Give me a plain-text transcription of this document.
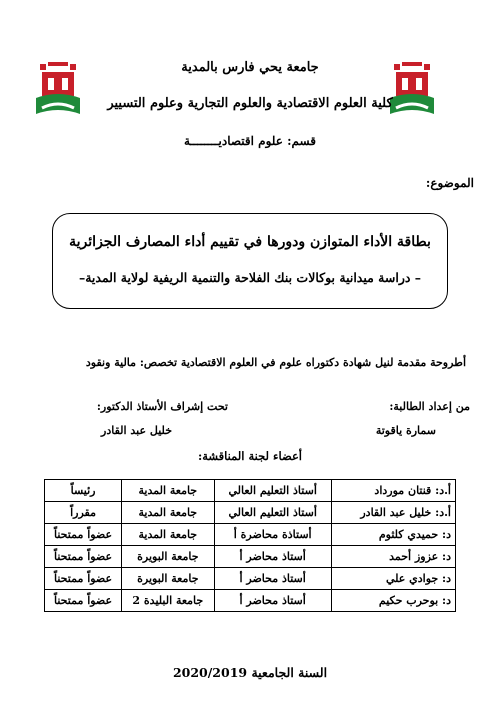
جامعة يحي فارس بالمدية
كلية العلوم الاقتصادية والعلوم التجارية وعلوم التسيير
قسم: علوم اقتصاديــــــــة
الموضوع:
بطاقة الأداء المتوازن ودورها في تقييم أداء المصارف الجزائرية
– دراسة ميدانية بوكالات بنك الفلاحة والتنمية الريفية لولاية المدية–
أطروحة مقدمة لنيل شهادة دكتوراه علوم في العلوم الاقتصادية تخصص: مالية ونقود
من إعداد الطالبة:
سمارة ياقوتة
تحت إشراف الأستاذ الدكتور:
خليل عبد القادر
أعضاء لجنة المناقشة:
أ.د: قنتان مورداد	أستاذ التعليم العالي	جامعة المدية	رئيساً
أ.د: خليل عبد القادر	أستاذ التعليم العالي	جامعة المدية	مقرراً
د: حميدي كلثوم	أستاذة محاضرة أ	جامعة المدية	عضواً ممتحناً
د: عزوز أحمد	أستاذ محاضر أ	جامعة البويرة	عضواً ممتحناً
د: جوادي علي	أستاذ محاضر أ	جامعة البويرة	عضواً ممتحناً
د: بوحرب حكيم	أستاذ محاضر أ	جامعة البليدة 2	عضواً ممتحناً
السنة الجامعية 2020/2019
